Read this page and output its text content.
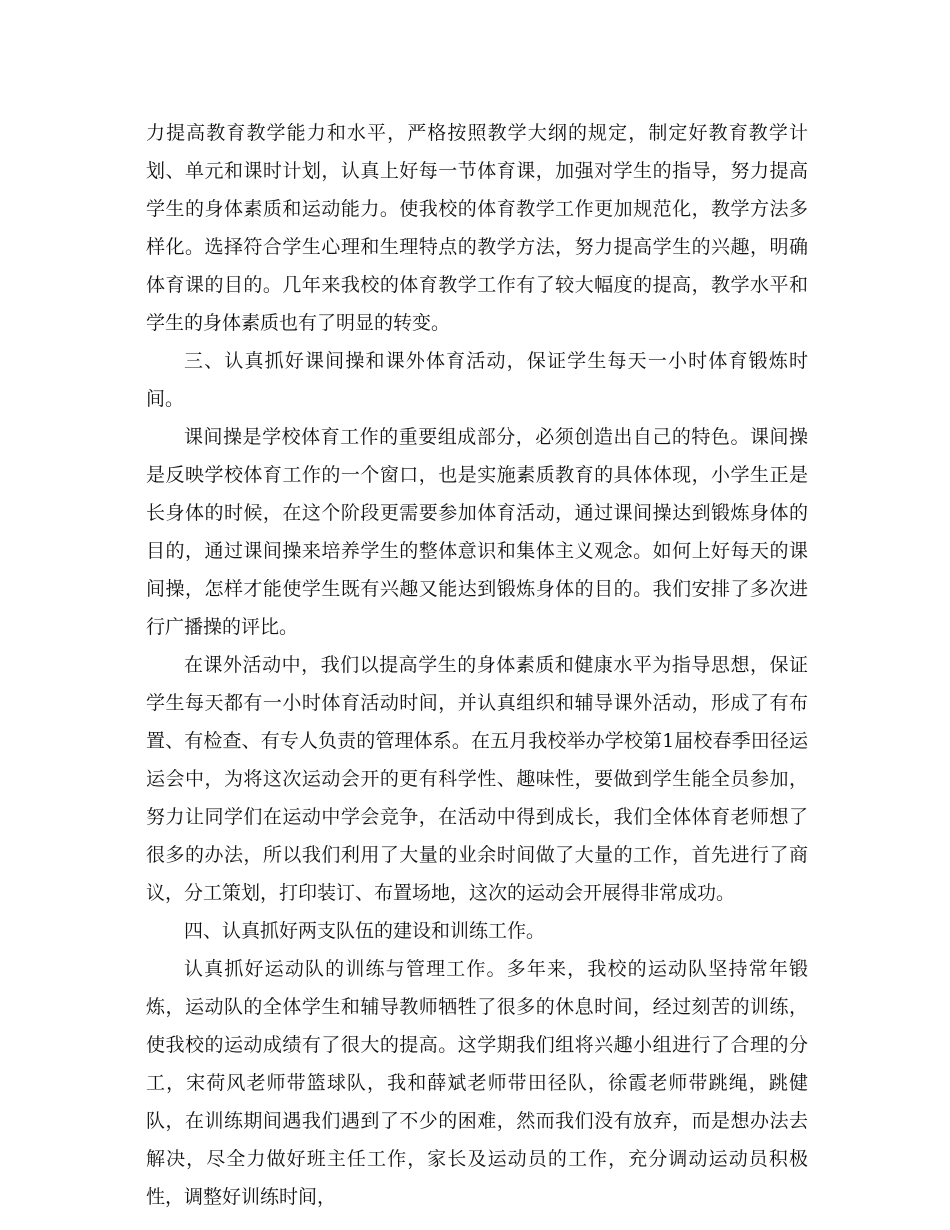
力提高教育教学能力和水平，严格按照教学大纲的规定，制定好教育教学计划、单元和课时计划，认真上好每一节体育课，加强对学生的指导，努力提高学生的身体素质和运动能力。使我校的体育教学工作更加规范化，教学方法多样化。选择符合学生心理和生理特点的教学方法，努力提高学生的兴趣，明确体育课的目的。几年来我校的体育教学工作有了较大幅度的提高，教学水平和学生的身体素质也有了明显的转变。

三、认真抓好课间操和课外体育活动，保证学生每天一小时体育锻炼时间。

课间操是学校体育工作的重要组成部分，必须创造出自己的特色。课间操是反映学校体育工作的一个窗口，也是实施素质教育的具体体现，小学生正是长身体的时候，在这个阶段更需要参加体育活动，通过课间操达到锻炼身体的目的，通过课间操来培养学生的整体意识和集体主义观念。如何上好每天的课间操，怎样才能使学生既有兴趣又能达到锻炼身体的目的。我们安排了多次进行广播操的评比。

在课外活动中，我们以提高学生的身体素质和健康水平为指导思想，保证学生每天都有一小时体育活动时间，并认真组织和辅导课外活动，形成了有布置、有检查、有专人负责的管理体系。在五月我校举办学校第1届校春季田径运运会中，为将这次运动会开的更有科学性、趣味性，要做到学生能全员参加，努力让同学们在运动中学会竞争，在活动中得到成长，我们全体体育老师想了很多的办法，所以我们利用了大量的业余时间做了大量的工作，首先进行了商议，分工策划，打印装订、布置场地，这次的运动会开展得非常成功。

四、认真抓好两支队伍的建设和训练工作。

认真抓好运动队的训练与管理工作。多年来，我校的运动队坚持常年锻炼，运动队的全体学生和辅导教师牺牲了很多的休息时间，经过刻苦的训练，使我校的运动成绩有了很大的提高。这学期我们组将兴趣小组进行了合理的分工，宋荷风老师带篮球队，我和薛斌老师带田径队，徐霞老师带跳绳，跳健队，在训练期间遇我们遇到了不少的困难，然而我们没有放弃，而是想办法去解决，尽全力做好班主任工作，家长及运动员的工作，充分调动运动员积极性，调整好训练时间，
